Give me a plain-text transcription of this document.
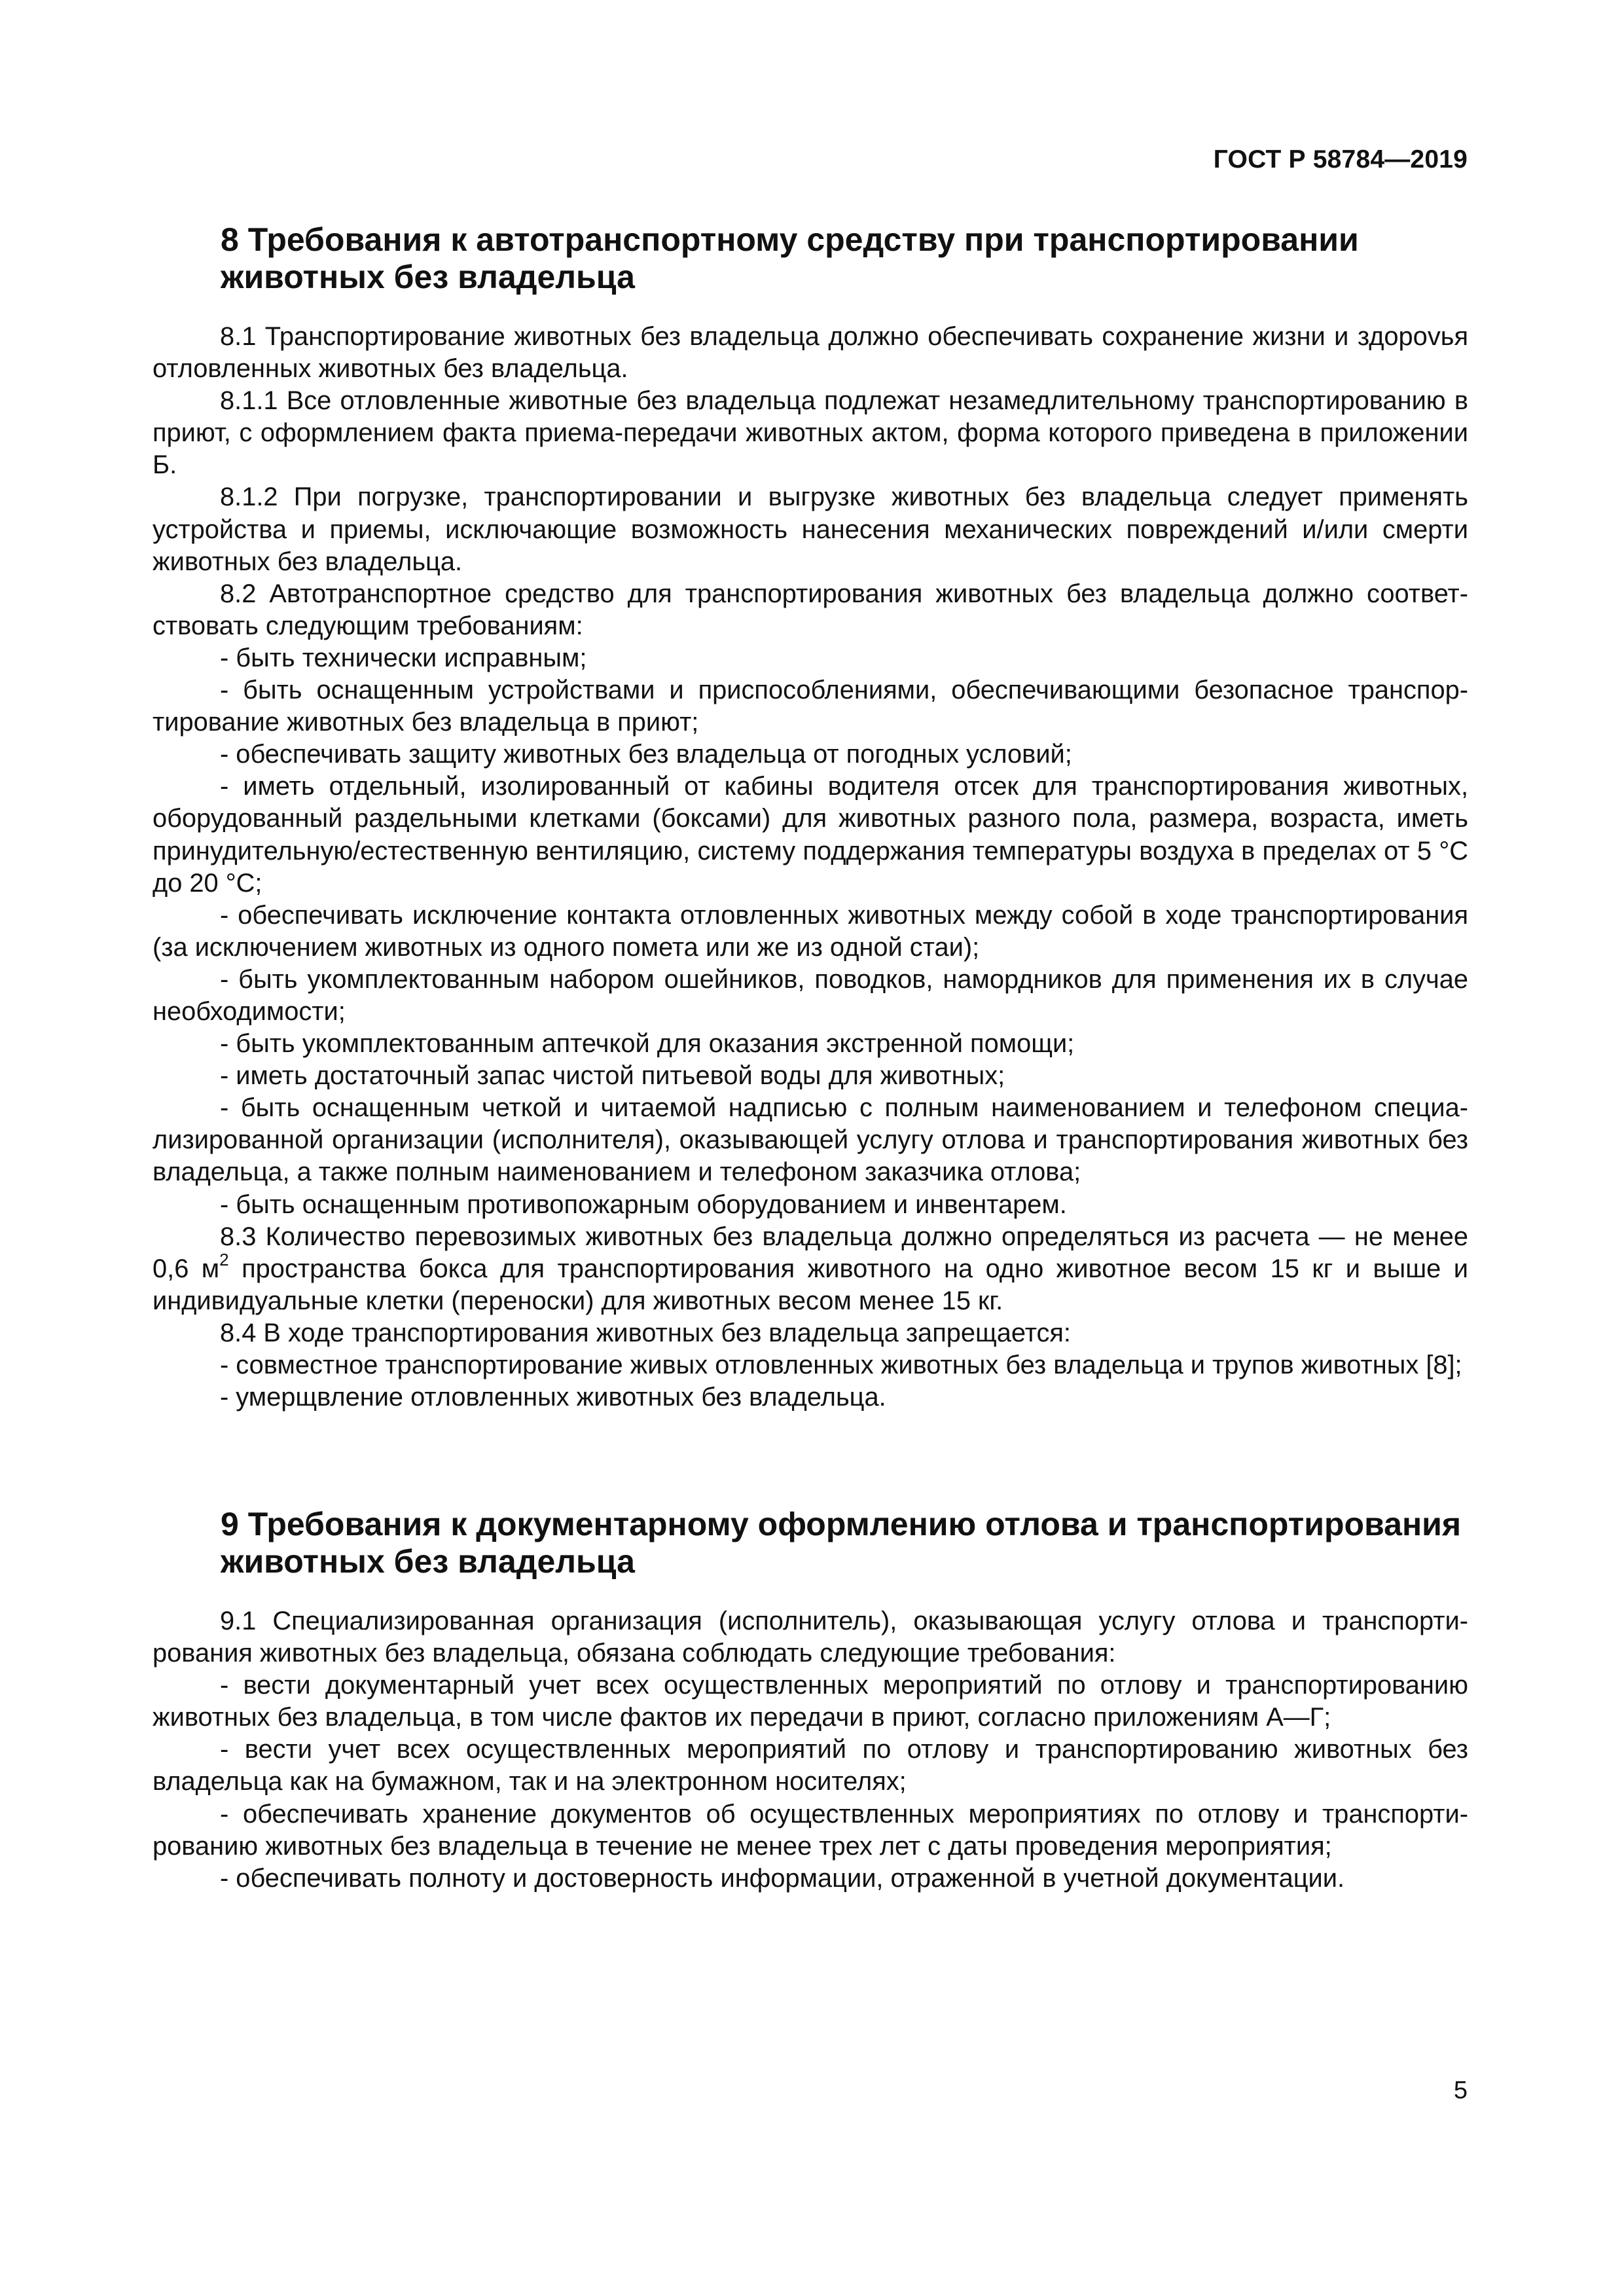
ГОСТ Р 58784—2019
8 Требования к автотранспортному средству при транспортировании
животных без владельца

8.1 Транспортирование животных без владельца должно обеспечивать сохранение жизни и здороvья отловленных животных без владельца.

8.1.1 Все отловленные животные без владельца подлежат незамедлительному транспортированию в приют, с оформлением факта приема-передачи животных актом, форма которого приведена в приложении Б.

8.1.2 При погрузке, транспортировании и выгрузке животных без владельца следует применять устройства и приемы, исключающие возможность нанесения механических повреждений и/или смерти животных без владельца.

8.2 Автотранспортное средство для транспортирования животных без владельца должно соответствовать следующим требованиям:

- быть технически исправным;

- быть оснащенным устройствами и приспособлениями, обеспечивающими безопасное транспортирование животных без владельца в приют;

- обеспечивать защиту животных без владельца от погодных условий;

- иметь отдельный, изолированный от кабины водителя отсек для транспортирования животных, оборудованный раздельными клетками (боксами) для животных разного пола, размера, возраста, иметь принудительную/естественную вентиляцию, систему поддержания температуры воздуха в пределах от 5 °С до 20 °С;

- обеспечивать исключение контакта отловленных животных между собой в ходе транспортирования (за исключением животных из одного помета или же из одной стаи);

- быть укомплектованным набором ошейников, поводков, намордников для применения их в случае необходимости;

- быть укомплектованным аптечкой для оказания экстренной помощи;

- иметь достаточный запас чистой питьевой воды для животных;

- быть оснащенным четкой и читаемой надписью с полным наименованием и телефоном специализированной организации (исполнителя), оказывающей услугу отлова и транспортирования животных без владельца, а также полным наименованием и телефоном заказчика отлова;

- быть оснащенным противопожарным оборудованием и инвентарем.

8.3 Количество перевозимых животных без владельца должно определяться из расчета — не менее 0,6 $м^2$ пространства бокса для транспортирования животного на одно животное весом 15 кг и выше и индивидуальные клетки (переноски) для животных весом менее 15 кг.

8.4 В ходе транспортирования животных без владельца запрещается:

- совместное транспортирование живых отловленных животных без владельца и трупов животных [8];

- умерщвление отловленных животных без владельца.

9 Требования к документарному оформлению отлова и транспортирования
животных без владельца

9.1 Специализированная организация (исполнитель), оказывающая услугу отлова и транспортирования животных без владельца, обязана соблюдать следующие требования:

- вести документарный учет всех осуществленных мероприятий по отлову и транспортированию животных без владельца, в том числе фактов их передачи в приют, согласно приложениям А—Г;

- вести учет всех осуществленных мероприятий по отлову и транспортированию животных без владельца как на бумажном, так и на электронном носителях;

- обеспечивать хранение документов об осуществленных мероприятиях по отлову и транспортированию животных без владельца в течение не менее трех лет с даты проведения мероприятия;

- обеспечивать полноту и достоверность информации, отраженной в учетной документации.

5
